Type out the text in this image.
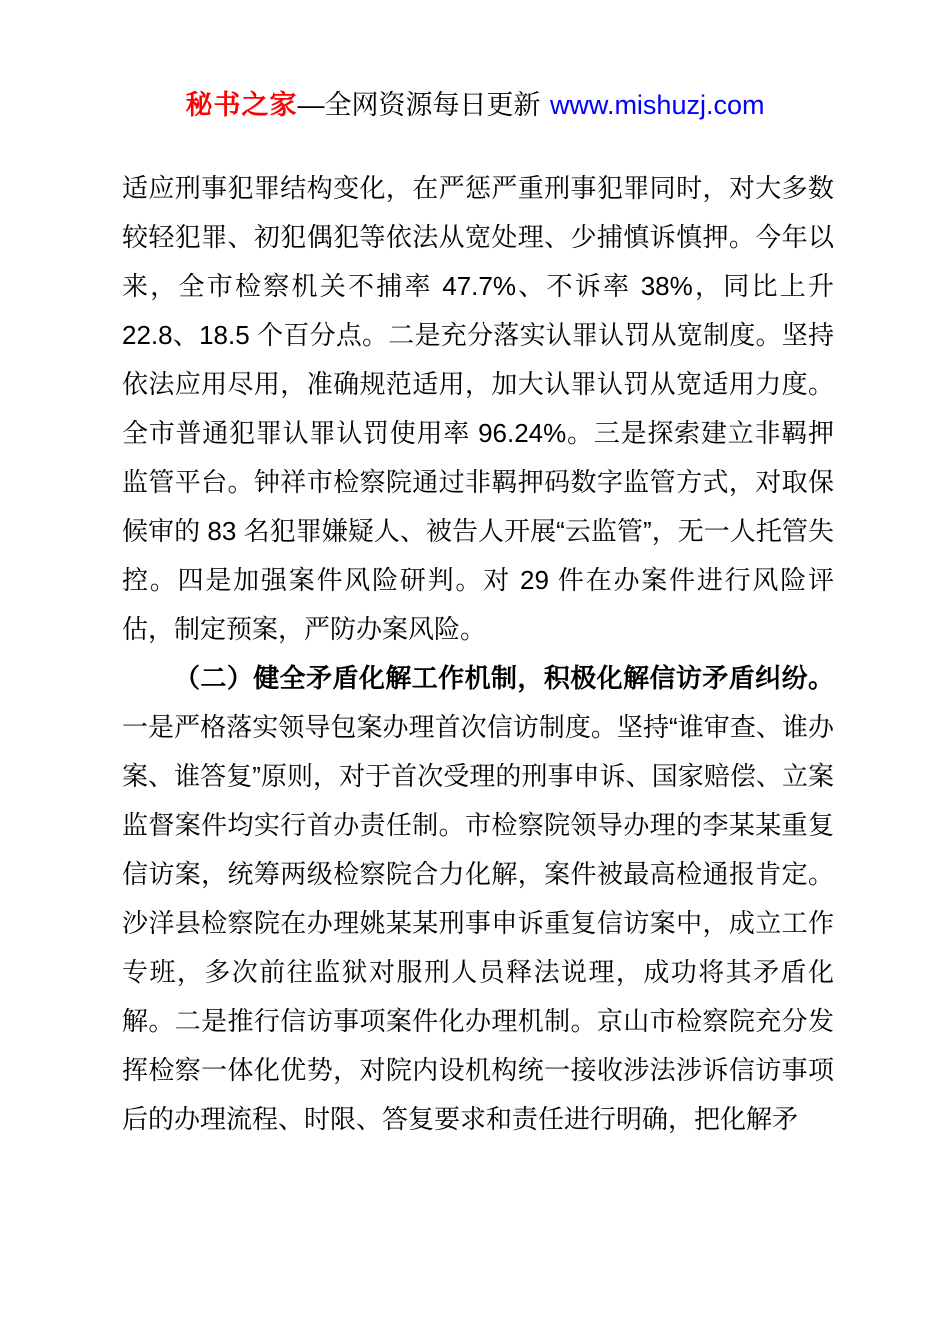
秘书之家—全网资源每日更新 www.mishuzj.com

适应刑事犯罪结构变化，在严惩严重刑事犯罪同时，对大多数较轻犯罪、初犯偶犯等依法从宽处理、少捕慎诉慎押。今年以来，全市检察机关不捕率 47.7%、不诉率 38%，同比上升 22.8、18.5 个百分点。二是充分落实认罪认罚从宽制度。坚持依法应用尽用，准确规范适用，加大认罪认罚从宽适用力度。全市普通犯罪认罪认罚使用率 96.24%。三是探索建立非羁押监管平台。钟祥市检察院通过非羁押码数字监管方式，对取保候审的 83 名犯罪嫌疑人、被告人开展“云监管”，无一人托管失控。四是加强案件风险研判。对 29 件在办案件进行风险评估，制定预案，严防办案风险。

（二）健全矛盾化解工作机制，积极化解信访矛盾纠纷。一是严格落实领导包案办理首次信访制度。坚持“谁审查、谁办案、谁答复”原则，对于首次受理的刑事申诉、国家赔偿、立案监督案件均实行首办责任制。市检察院领导办理的李某某重复信访案，统筹两级检察院合力化解，案件被最高检通报肯定。沙洋县检察院在办理姚某某刑事申诉重复信访案中，成立工作专班，多次前往监狱对服刑人员释法说理，成功将其矛盾化解。二是推行信访事项案件化办理机制。京山市检察院充分发挥检察一体化优势，对院内设机构统一接收涉法涉诉信访事项后的办理流程、时限、答复要求和责任进行明确，把化解矛
